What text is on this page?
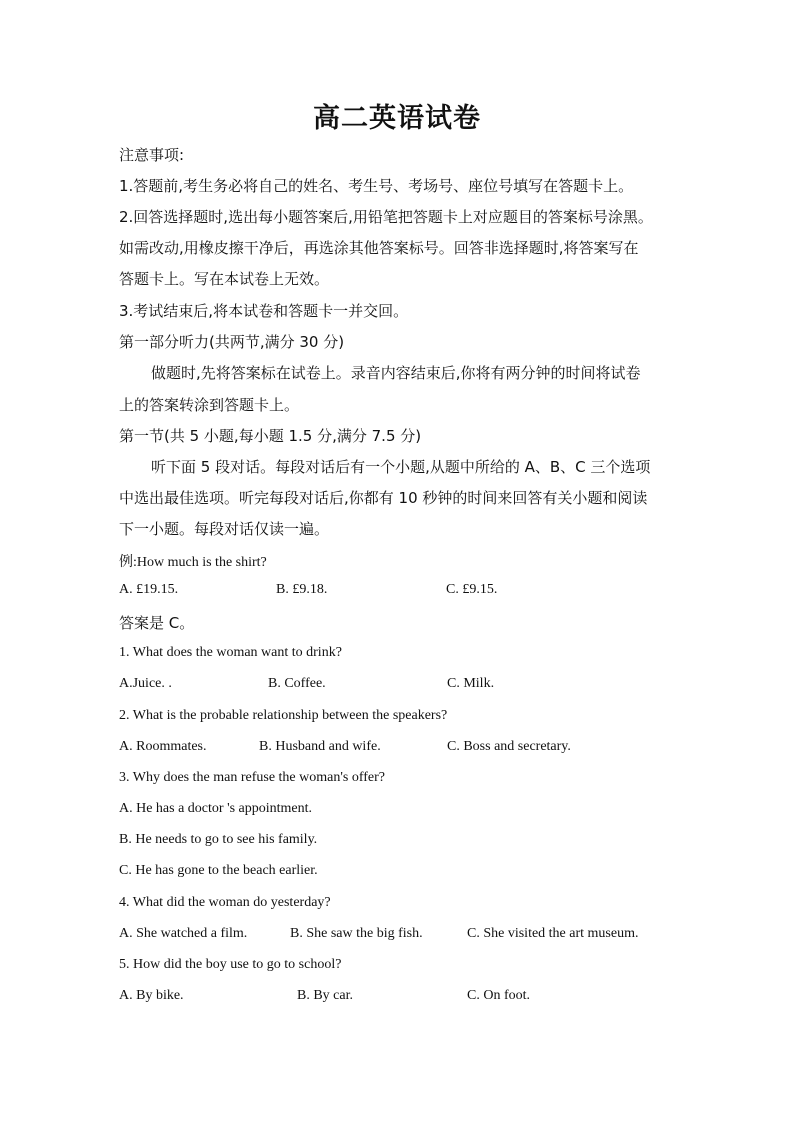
高二英语试卷
注意事项:
1.答题前,考生务必将自己的姓名、考生号、考场号、座位号填写在答题卡上。
2.回答选择题时,选出每小题答案后,用铅笔把答题卡上对应题目的答案标号涂黑。
如需改动,用橡皮擦干净后，再选涂其他答案标号。回答非选择题时,将答案写在
答题卡上。写在本试卷上无效。
3.考试结束后,将本试卷和答题卡一并交回。
第一部分听力(共两节,满分 30 分)
做题时,先将答案标在试卷上。录音内容结束后,你将有两分钟的时间将试卷
上的答案转涂到答题卡上。
第一节(共 5 小题,每小题 1.5 分,满分 7.5 分)
听下面 5 段对话。每段对话后有一个小题,从题中所给的 A、B、C 三个选项
中选出最佳选项。听完每段对话后,你都有 10 秒钟的时间来回答有关小题和阅读
下一小题。每段对话仅读一遍。
例:How much is the shirt?
A. £19.15.	B. £9.18.	C. £9.15.
答案是 C。
1. What does the woman want to drink?
A.Juice. .	B. Coffee.	C. Milk.
2. What is the probable relationship between the speakers?
A. Roommates.	B. Husband and wife.	C. Boss and secretary.
3. Why does the man refuse the woman's offer?
A. He has a doctor 's appointment.
B. He needs to go to see his family.
C. He has gone to the beach earlier.
4. What did the woman do yesterday?
A. She watched a film.	B. She saw the big fish.	C. She visited the art museum.
5. How did the boy use to go to school?
A. By bike.	B. By car.	C. On foot.
